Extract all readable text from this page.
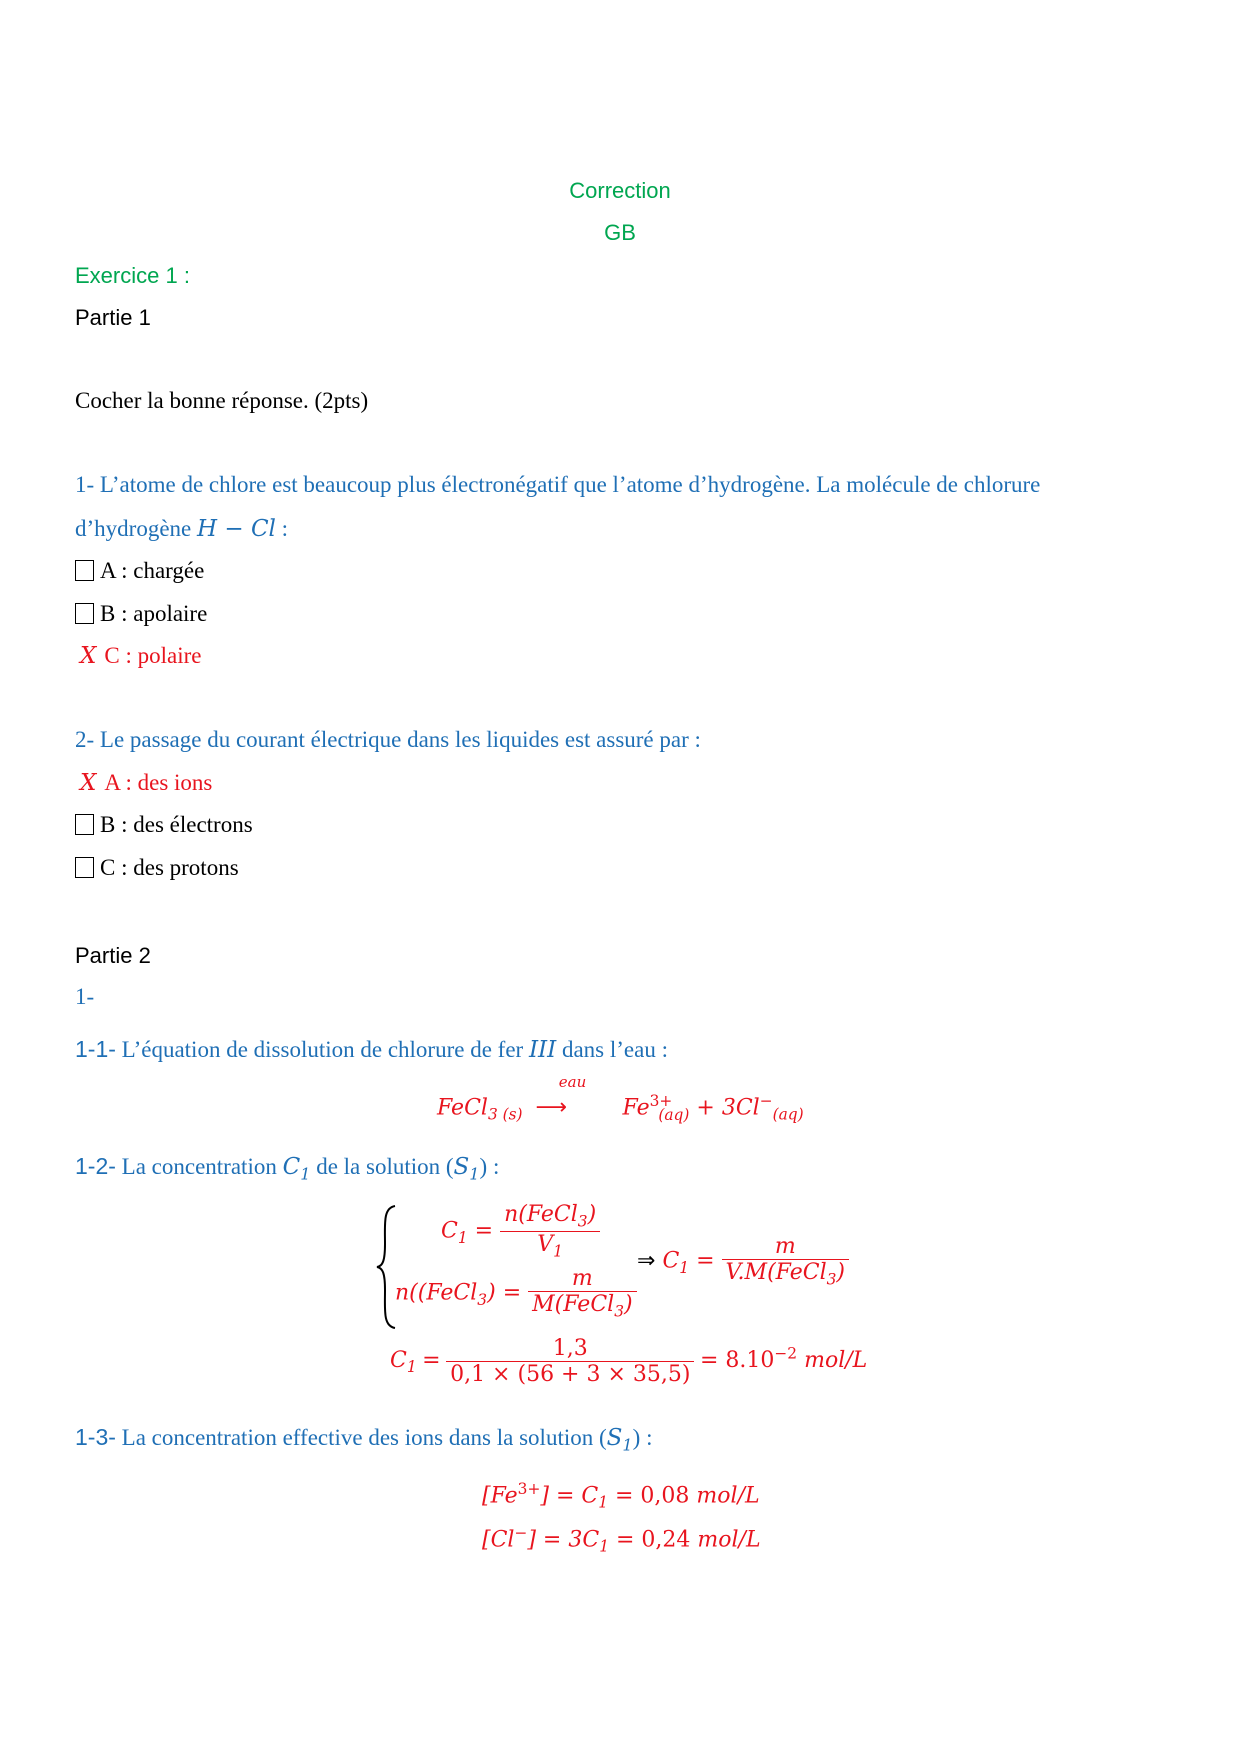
Correction
GB
Exercice 1 :
Partie 1
Cocher la bonne réponse. (2pts)
1- L’atome de chlore est beaucoup plus électronégatif que l’atome d’hydrogène. La molécule de chlorure
d’hydrogène H − Cl :
A : chargée
B : apolaire
X C : polaire
2- Le passage du courant électrique dans les liquides est assuré par :
X A : des ions
B : des électrons
C : des protons
Partie 2
1-
1-1- L’équation de dissolution de chlorure de fer III dans l’eau :
FeCl$_{3 (s)}$
eau
⟶	$Fe^{3+}_{(aq)} + 3Cl^-_{(aq)}$
1-2- La concentration $C_1$ de la solution $(S_1)$ :
$C_1 = \frac{n(FeCl_3)}{V_1}$
n((FeCl$_3$) = $\frac{m}{M(FeCl_3)}$
⇒ $C_1 = \frac{m}{V.M(FeCl_3)}$
$C_1 = \frac{1,3}{0,1 \times (56 + 3 \times 35,5)} = 8.10^{-2}$ mol/L
1-3- La concentration effective des ions dans la solution $(S_1)$ :
$[Fe^{3+}] = C_1 = 0,08$ mol/L
$[Cl^-] = 3C_1 = 0,24$ mol/L
